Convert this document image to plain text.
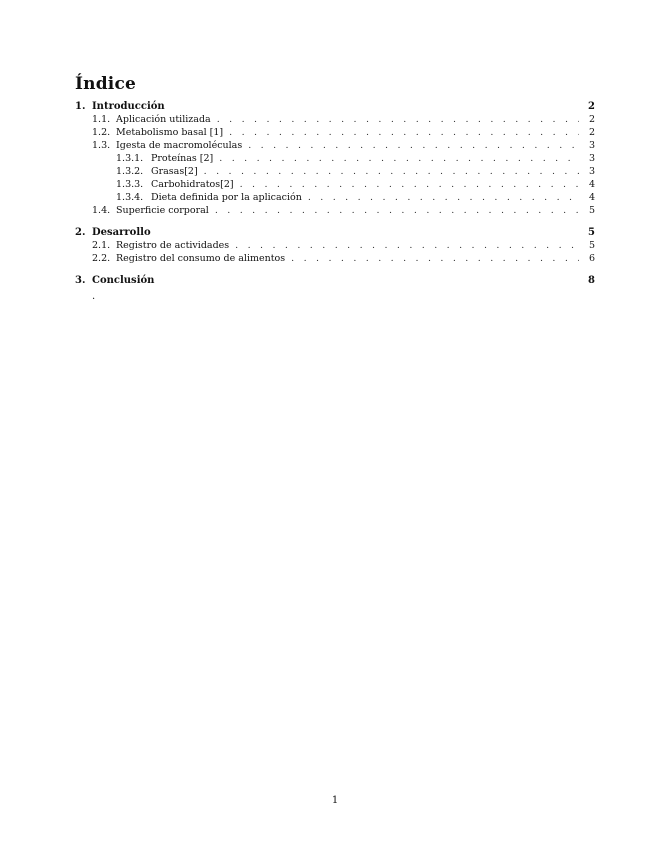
Índice
1. Introducción	2
1.1. Aplicación utilizada . . .	2
1.2. Metabolismo basal [1] . . .	2
1.3. Igesta de macromoléculas . . .	3
1.3.1. Proteínas [2] . . .	3
1.3.2. Grasas[2] . . .	3
1.3.3. Carbohidratos[2] . . .	4
1.3.4. Dieta definida por la aplicación . . .	4
1.4. Superficie corporal . . .	5
2. Desarrollo	5
2.1. Registro de actividades . . .	5
2.2. Registro del consumo de alimentos . . .	6
3. Conclusión	8
.
1
